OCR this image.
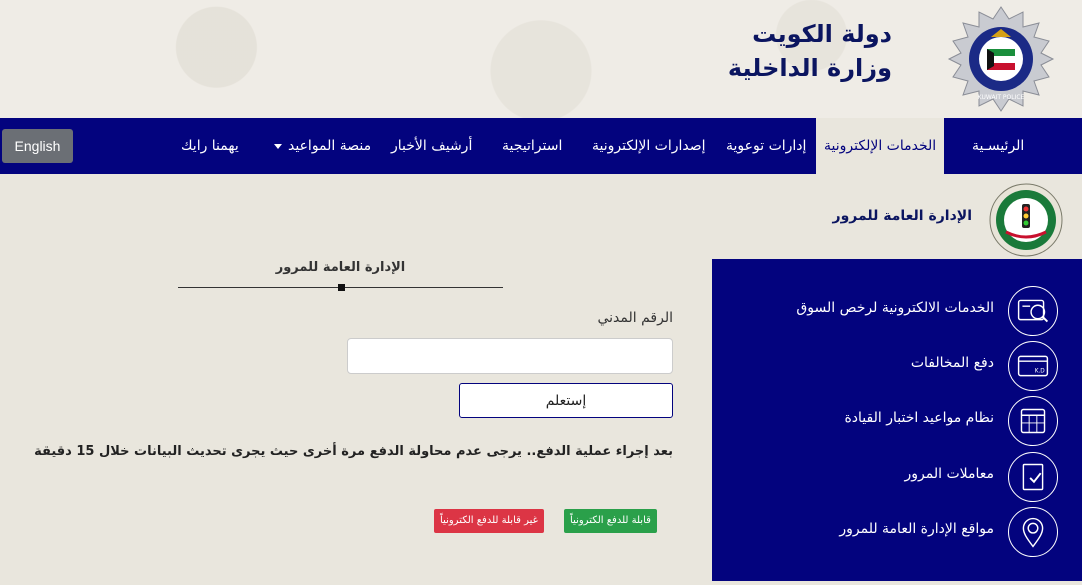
دولة الكويت
وزارة الداخلية
KUWAIT POLICE
الرئيسـية
الخدمات الإلكترونية
إدارات توعوية
إصدارات الإلكترونية
استراتيجية
أرشيف الأخبار
منصة المواعيد
يهمنا رايك
English
الإدارة العامة للمرور
الإدارة العامة للمرور
الرقم المدني
إستعلم
بعد إجراء عملية الدفع.. يرجى عدم محاولة الدفع مرة أخرى حيث يجرى تحديث البيانات خلال 15 دقيقة
قابلة للدفع الكترونياً
غير قابلة للدفع الكترونياً
الخدمات الالكترونية لرخص السوق
K.D
دفع المخالفات
نظام مواعيد اختبار القيادة
معاملات المرور
مواقع الإدارة العامة للمرور
